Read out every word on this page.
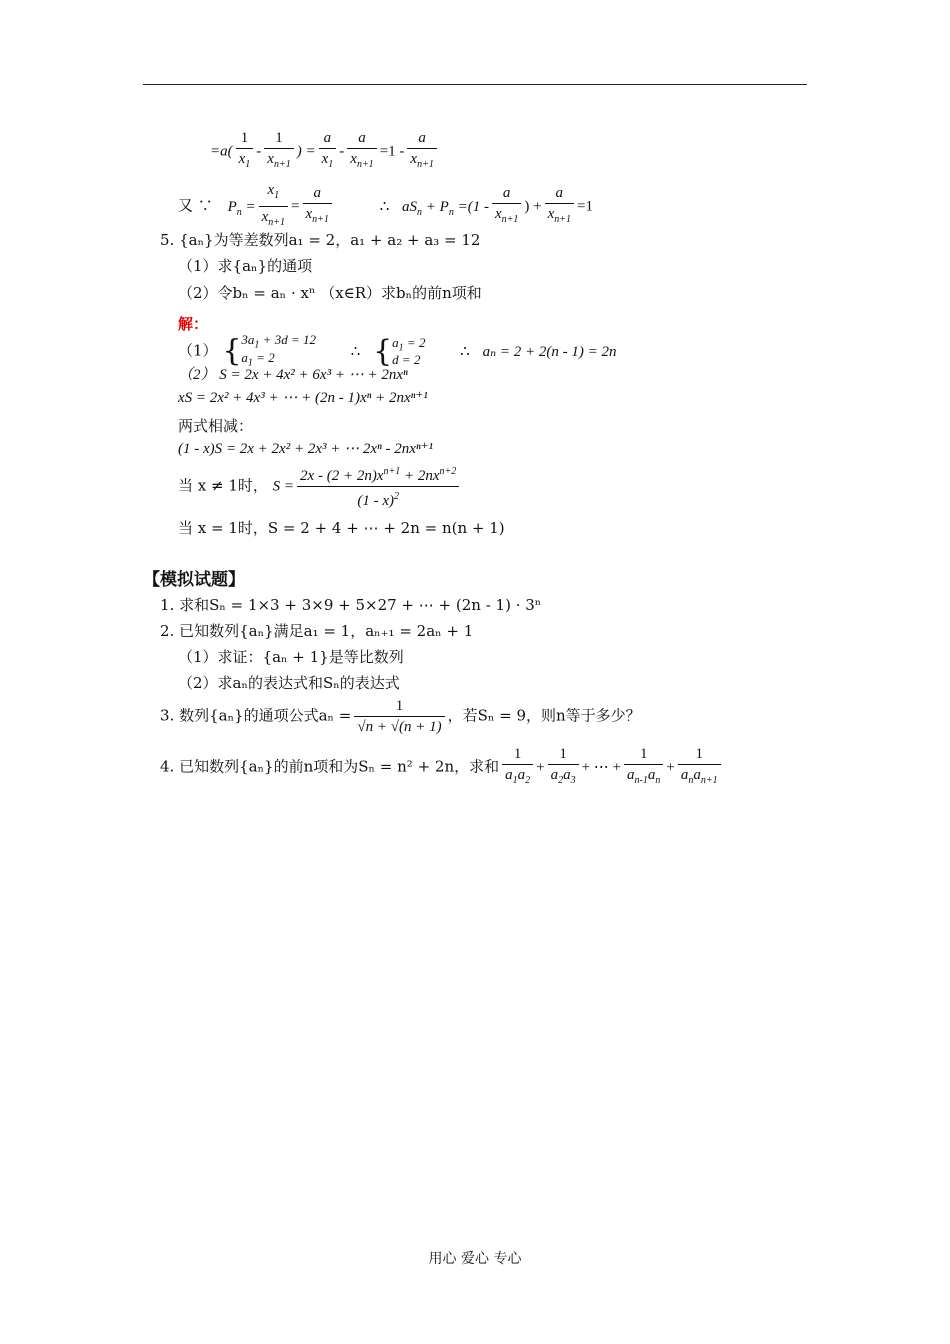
$=a( \frac{1}{x_1} - \frac{1}{x_{n+1}}$ ) = $\frac{a}{x_1} - \frac{a}{x_{n+1}} =1 - \frac{a}{x_{n+1}}$
又 ∵ $P_n = \frac{x_1}{x_{n+1}} = \frac{a}{x_{n+1}}$	∴ $aS_n + P_n =(1 - \frac{a}{x_{n+1}}$ ) + $\frac{a}{x_{n+1}} =1$
5. {aₙ}为等差数列a₁ = 2，a₁ + a₂ + a₃ = 12
（1）求{aₙ}的通项
（2）令bₙ = aₙ · xⁿ （x∈R）求bₙ的前n项和
解：
（1） {$3a_1 + 3d = 12$
$a_1 = 2$	∴ {$a_1 = 2$
d = 2 ∴ aₙ = 2 + 2(n - 1) = 2n
（2） S = 2x + 4x² + 6x³ + ⋯ + 2nxⁿ
xS = 2x² + 4x³ + ⋯ + (2n - 1)xⁿ + 2nxⁿ⁺¹
两式相减：
(1 - x)S = 2x + 2x² + 2x³ + ⋯ 2xⁿ - 2nxⁿ⁺¹
当 x ≠ 1时， $S = \frac{2x - (2 + 2n)x^{n+1} + 2nx^{n+2}}{(1 - x)^2}$
当 x = 1时，S = 2 + 4 + ⋯ + 2n = n(n + 1)
【模拟试题】
1. 求和Sₙ = 1×3 + 3×9 + 5×27 + ⋯ + (2n - 1) · 3ⁿ
2. 已知数列{aₙ}满足a₁ = 1，aₙ₊₁ = 2aₙ + 1
（1）求证：{aₙ + 1}是等比数列
（2）求aₙ的表达式和Sₙ的表达式
3. 数列{aₙ}的通项公式$a_n = \frac{1}{√n + √(n + 1)}$ ，若Sₙ = 9，则n等于多少？
4. 已知数列{aₙ}的前n项和为Sₙ = n² + 2n，求和 $\frac{1}{a_1a_2} + \frac{1}{a_2a_3}$ + ⋯ + $\frac{1}{a_{n-1}a_n} + \frac{1}{a_na_{n+1}}$
用心 爱心 专心
